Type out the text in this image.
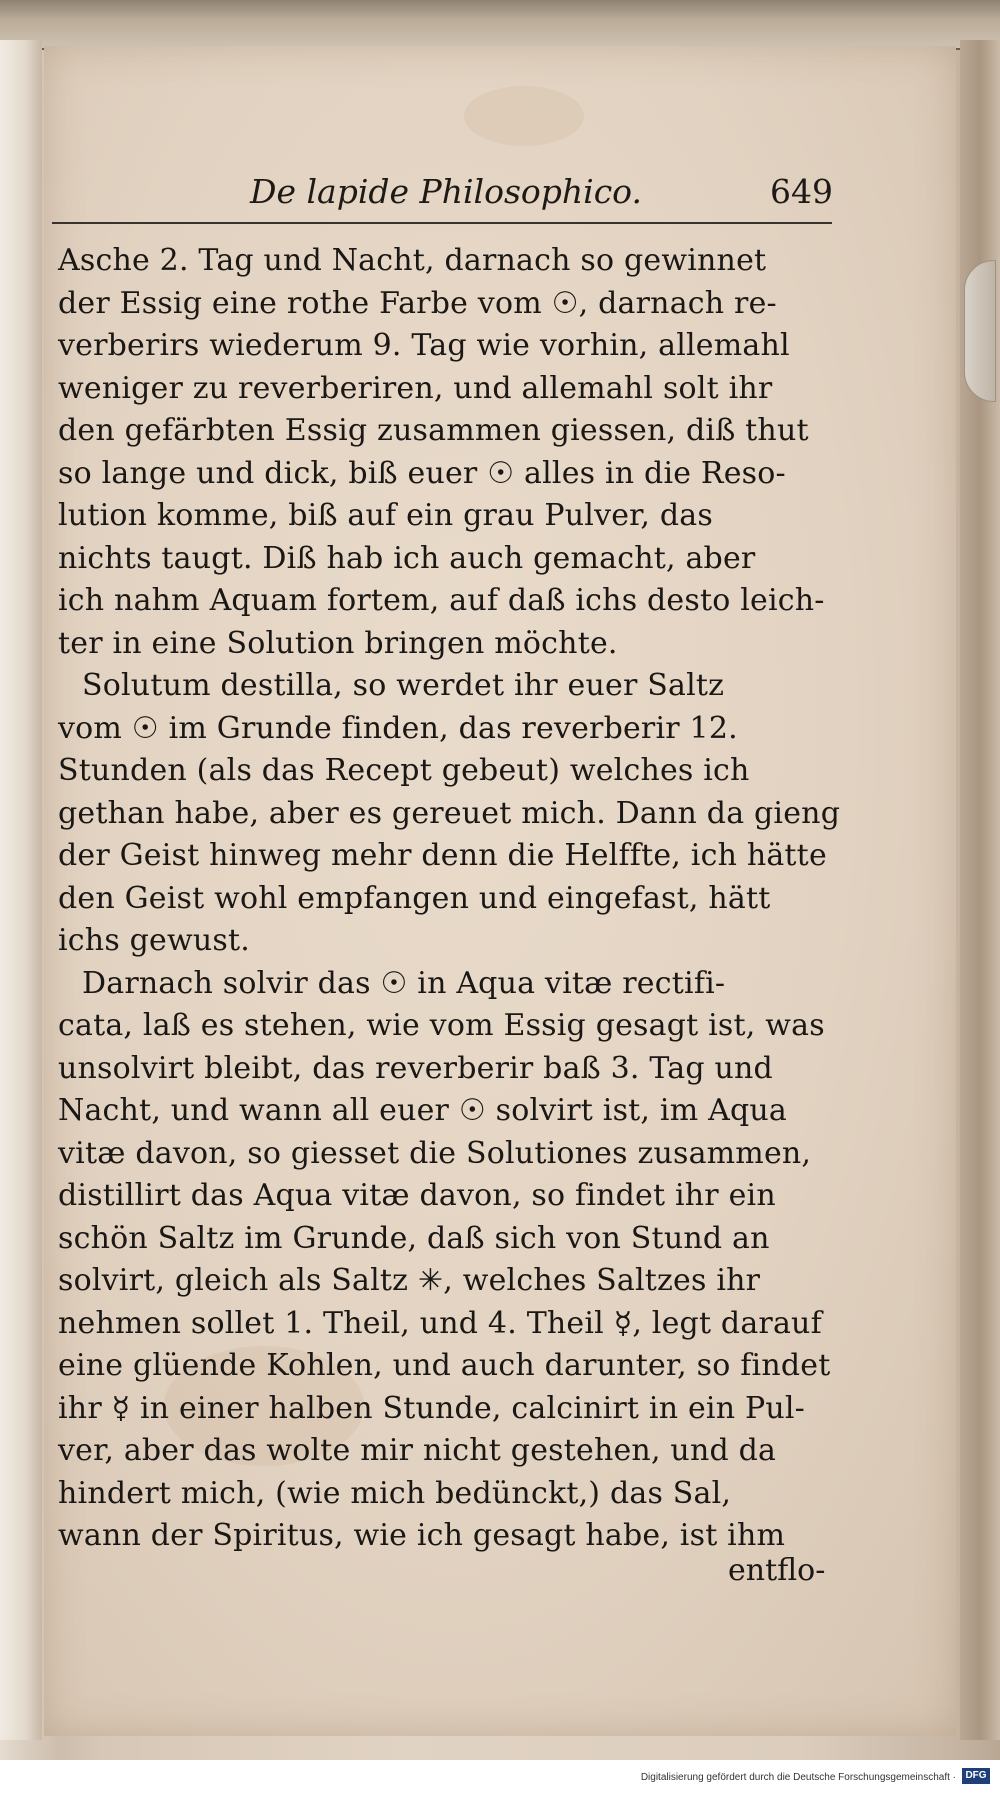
De lapide Philosophico.	649
Asche 2. Tag und Nacht, darnach so gewinnet
der Essig eine rothe Farbe vom ☉, darnach re-
verberirs wiederum 9. Tag wie vorhin, allemahl
weniger zu reverberiren, und allemahl solt ihr
den gefärbten Essig zusammen giessen, diß thut
so lange und dick, biß euer ☉ alles in die Reso-
lution komme, biß auf ein grau Pulver, das
nichts taugt. Diß hab ich auch gemacht, aber
ich nahm Aquam fortem, auf daß ichs desto leich-
ter in eine Solution bringen möchte.
Solutum destilla, so werdet ihr euer Saltz
vom ☉ im Grunde finden, das reverberir 12.
Stunden (als das Recept gebeut) welches ich
gethan habe, aber es gereuet mich. Dann da gieng
der Geist hinweg mehr denn die Helffte, ich hätte
den Geist wohl empfangen und eingefast, hätt
ichs gewust.
Darnach solvir das ☉ in Aqua vitæ rectifi-
cata, laß es stehen, wie vom Essig gesagt ist, was
unsolvirt bleibt, das reverberir baß 3. Tag und
Nacht, und wann all euer ☉ solvirt ist, im Aqua
vitæ davon, so giesset die Solutiones zusammen,
distillirt das Aqua vitæ davon, so findet ihr ein
schön Saltz im Grunde, daß sich von Stund an
solvirt, gleich als Saltz ✳, welches Saltzes ihr
nehmen sollet 1. Theil, und 4. Theil ☿, legt darauf
eine glüende Kohlen, und auch darunter, so findet
ihr ☿ in einer halben Stunde, calcinirt in ein Pul-
ver, aber das wolte mir nicht gestehen, und da
hindert mich, (wie mich bedünckt,) das Sal,
wann der Spiritus, wie ich gesagt habe, ist ihm
entflo-
Digitalisierung gefördert durch die Deutsche Forschungsgemeinschaft · DFG
